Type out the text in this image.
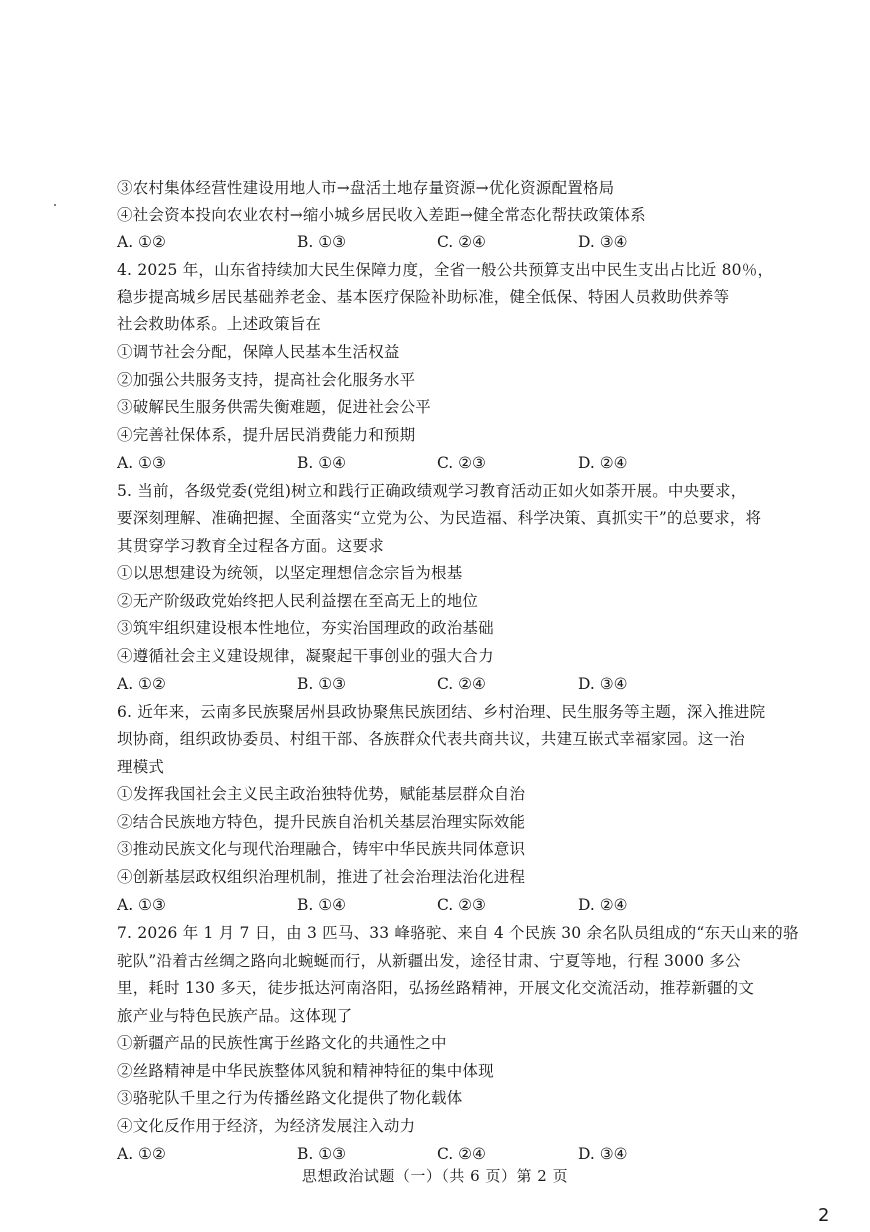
③农村集体经营性建设用地人市→盘活土地存量资源→优化资源配置格局
④社会资本投向农业农村→缩小城乡居民收入差距→健全常态化帮扶政策体系
A. ①②	B. ①③	C. ②④	D. ③④
4. 2025 年，山东省持续加大民生保障力度，全省一般公共预算支出中民生支出占比近 80％，
稳步提高城乡居民基础养老金、基本医疗保险补助标准，健全低保、特困人员救助供养等
社会救助体系。上述政策旨在
①调节社会分配，保障人民基本生活权益
②加强公共服务支持，提高社会化服务水平
③破解民生服务供需失衡难题，促进社会公平
④完善社保体系，提升居民消费能力和预期
A. ①③	B. ①④	C. ②③	D. ②④
5. 当前，各级党委(党组)树立和践行正确政绩观学习教育活动正如火如荼开展。中央要求，
要深刻理解、准确把握、全面落实“立党为公、为民造福、科学决策、真抓实干”的总要求，将
其贯穿学习教育全过程各方面。这要求
①以思想建设为统领，以坚定理想信念宗旨为根基
②无产阶级政党始终把人民利益摆在至高无上的地位
③筑牢组织建设根本性地位，夯实治国理政的政治基础
④遵循社会主义建设规律，凝聚起干事创业的强大合力
A. ①②	B. ①③	C. ②④	D. ③④
6. 近年来，云南多民族聚居州县政协聚焦民族团结、乡村治理、民生服务等主题，深入推进院
坝协商，组织政协委员、村组干部、各族群众代表共商共议，共建互嵌式幸福家园。这一治
理模式
①发挥我国社会主义民主政治独特优势，赋能基层群众自治
②结合民族地方特色，提升民族自治机关基层治理实际效能
③推动民族文化与现代治理融合，铸牢中华民族共同体意识
④创新基层政权组织治理机制，推进了社会治理法治化进程
A. ①③	B. ①④	C. ②③	D. ②④
7. 2026 年 1 月 7 日，由 3 匹马、33 峰骆驼、来自 4 个民族 30 余名队员组成的“东天山来的骆
驼队”沿着古丝绸之路向北蜿蜒而行，从新疆出发，途径甘肃、宁夏等地，行程 3000 多公
里，耗时 130 多天，徒步抵达河南洛阳，弘扬丝路精神，开展文化交流活动，推荐新疆的文
旅产业与特色民族产品。这体现了
①新疆产品的民族性寓于丝路文化的共通性之中
②丝路精神是中华民族整体风貌和精神特征的集中体现
③骆驼队千里之行为传播丝路文化提供了物化载体
④文化反作用于经济，为经济发展注入动力
A. ①②	B. ①③	C. ②④	D. ③④
思想政治试题（一）（共 6 页）第 2 页
2
